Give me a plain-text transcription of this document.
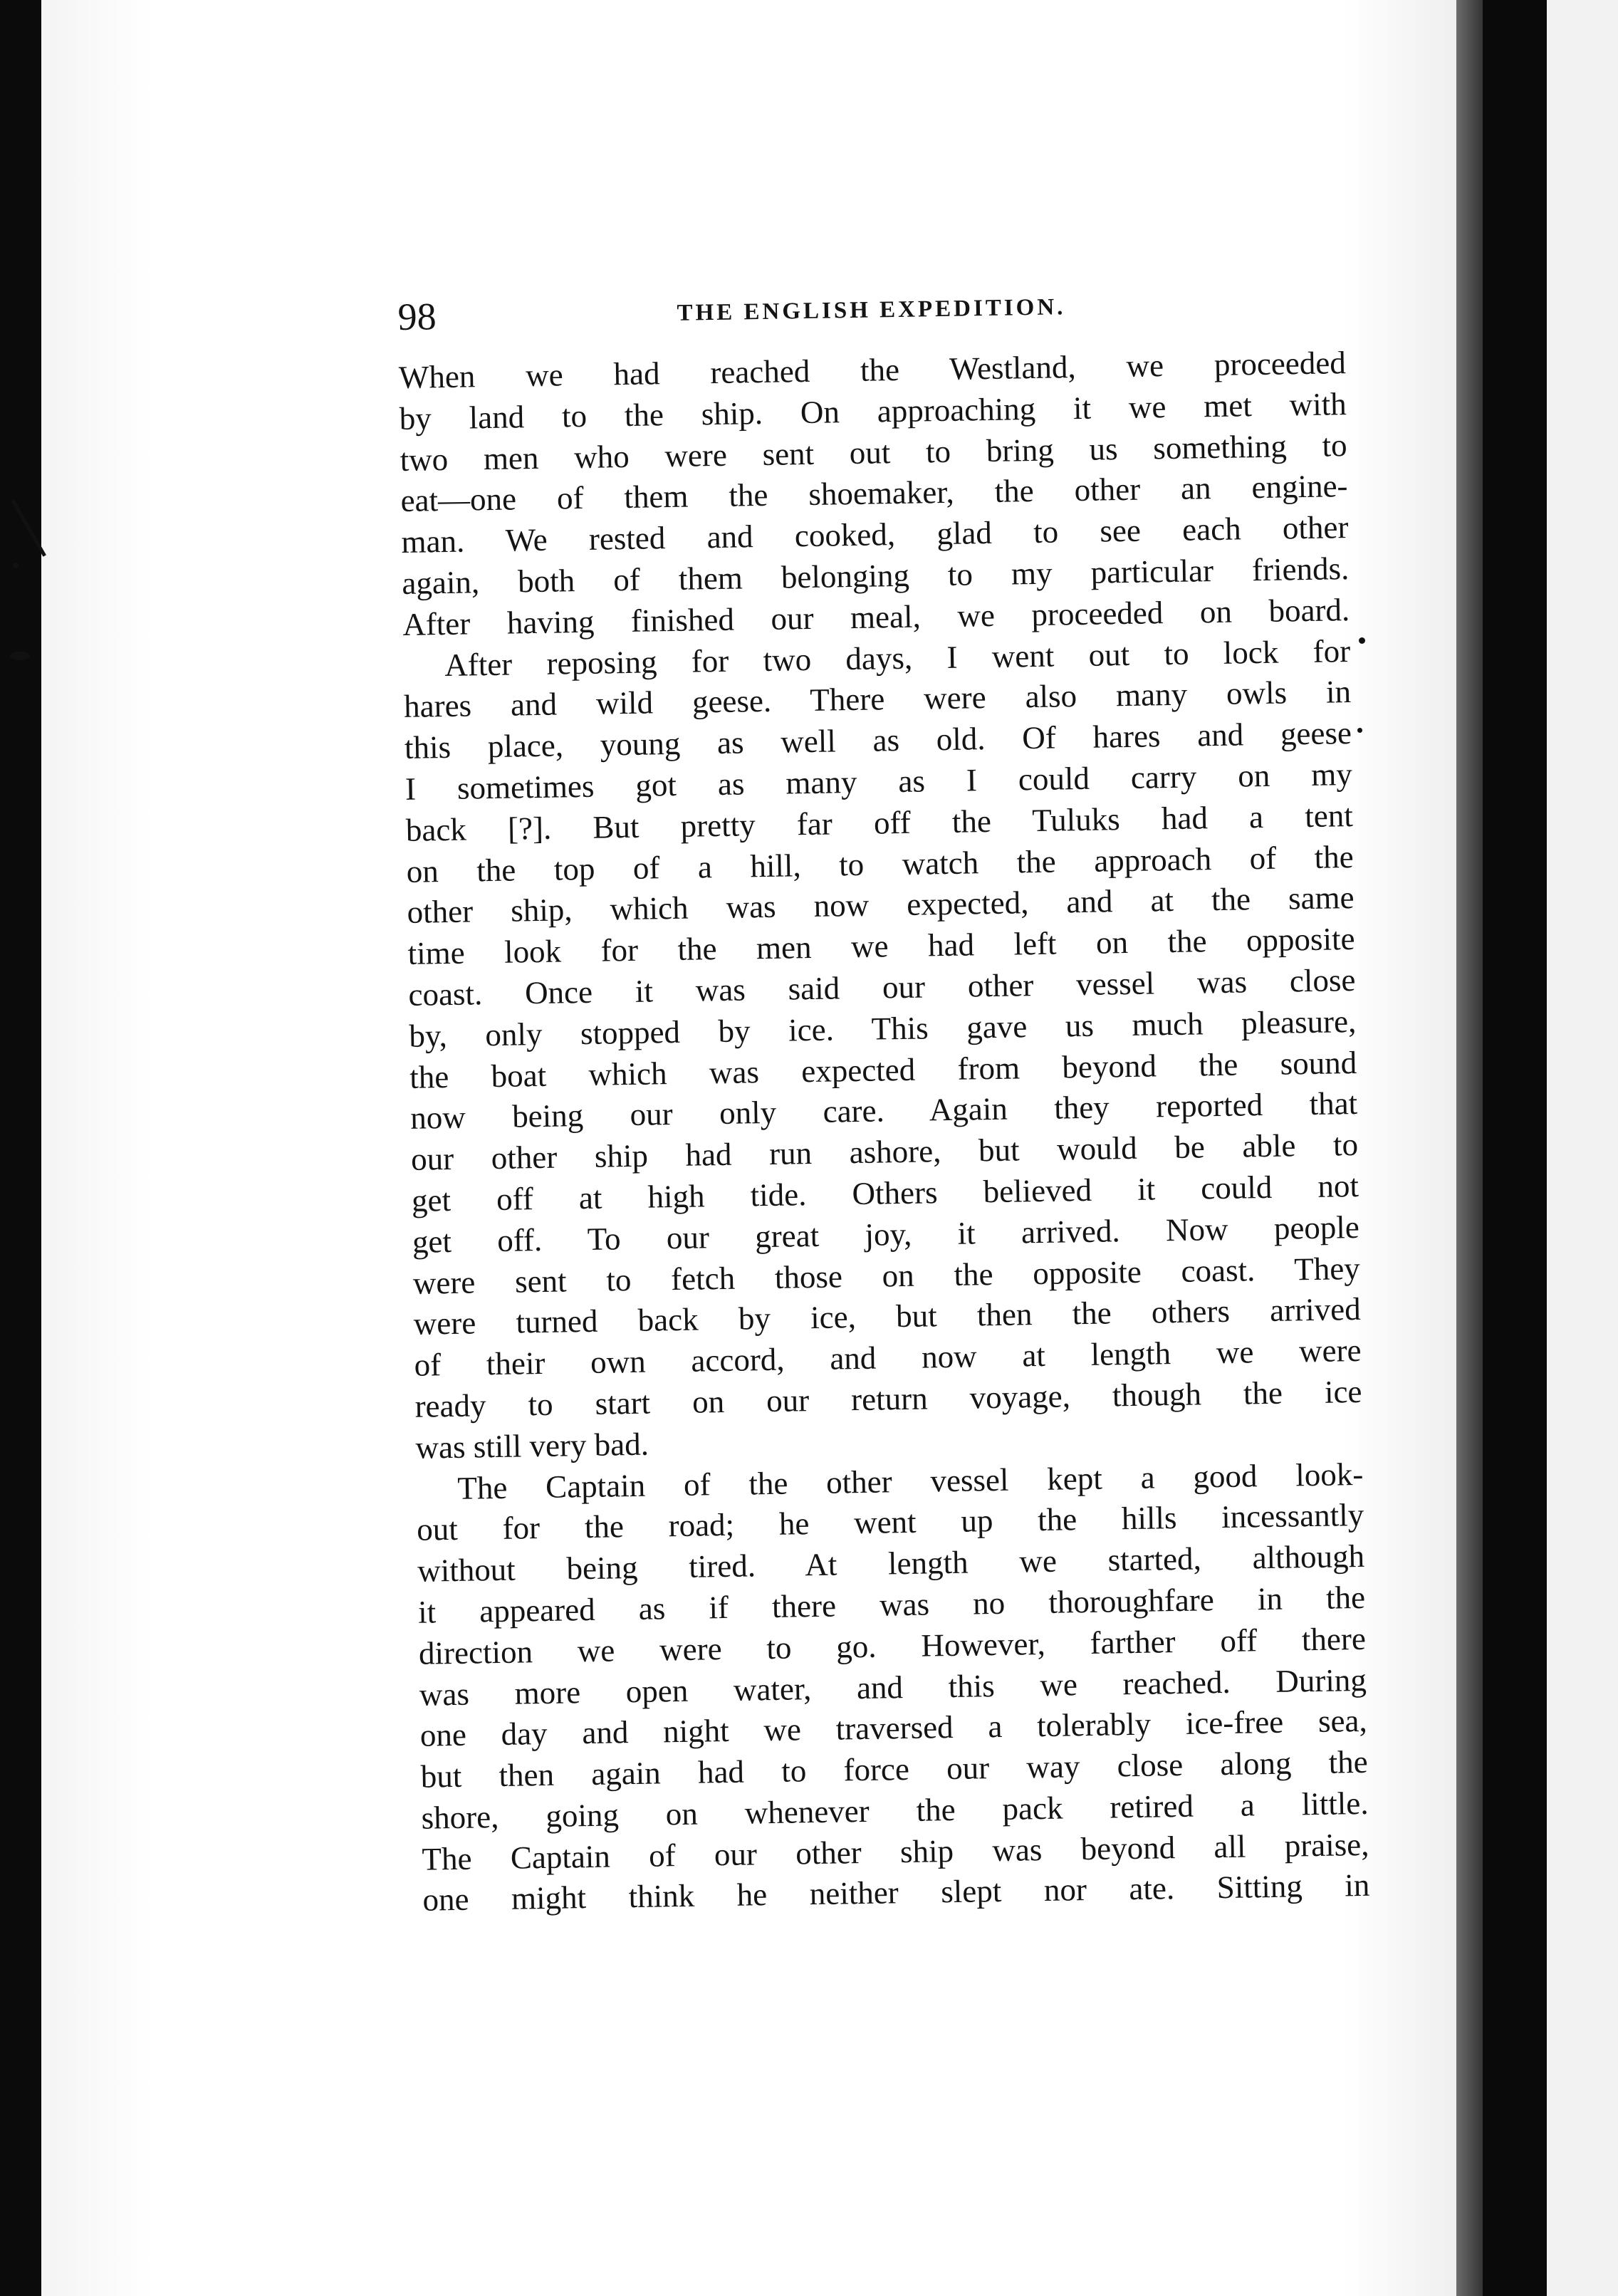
98	THE ENGLISH EXPEDITION.

When we had reached the Westland, we proceeded
by land to the ship. On approaching it we met with
two men who were sent out to bring us something to
eat—one of them the shoemaker, the other an engine-
man. We rested and cooked, glad to see each other
again, both of them belonging to my particular friends.
After having finished our meal, we proceeded on board.

After reposing for two days, I went out to lock for
hares and wild geese. There were also many owls in
this place, young as well as old. Of hares and geese
I sometimes got as many as I could carry on my
back [?]. But pretty far off the Tuluks had a tent
on the top of a hill, to watch the approach of the
other ship, which was now expected, and at the same
time look for the men we had left on the opposite
coast. Once it was said our other vessel was close
by, only stopped by ice. This gave us much pleasure,
the boat which was expected from beyond the sound
now being our only care. Again they reported that
our other ship had run ashore, but would be able to
get off at high tide. Others believed it could not
get off. To our great joy, it arrived. Now people
were sent to fetch those on the opposite coast. They
were turned back by ice, but then the others arrived
of their own accord, and now at length we were
ready to start on our return voyage, though the ice
was still very bad.

The Captain of the other vessel kept a good look-
out for the road; he went up the hills incessantly
without being tired. At length we started, although
it appeared as if there was no thoroughfare in the
direction we were to go. However, farther off there
was more open water, and this we reached. During
one day and night we traversed a tolerably ice-free sea,
but then again had to force our way close along the
shore, going on whenever the pack retired a little.
The Captain of our other ship was beyond all praise,
one might think he neither slept nor ate. Sitting in
